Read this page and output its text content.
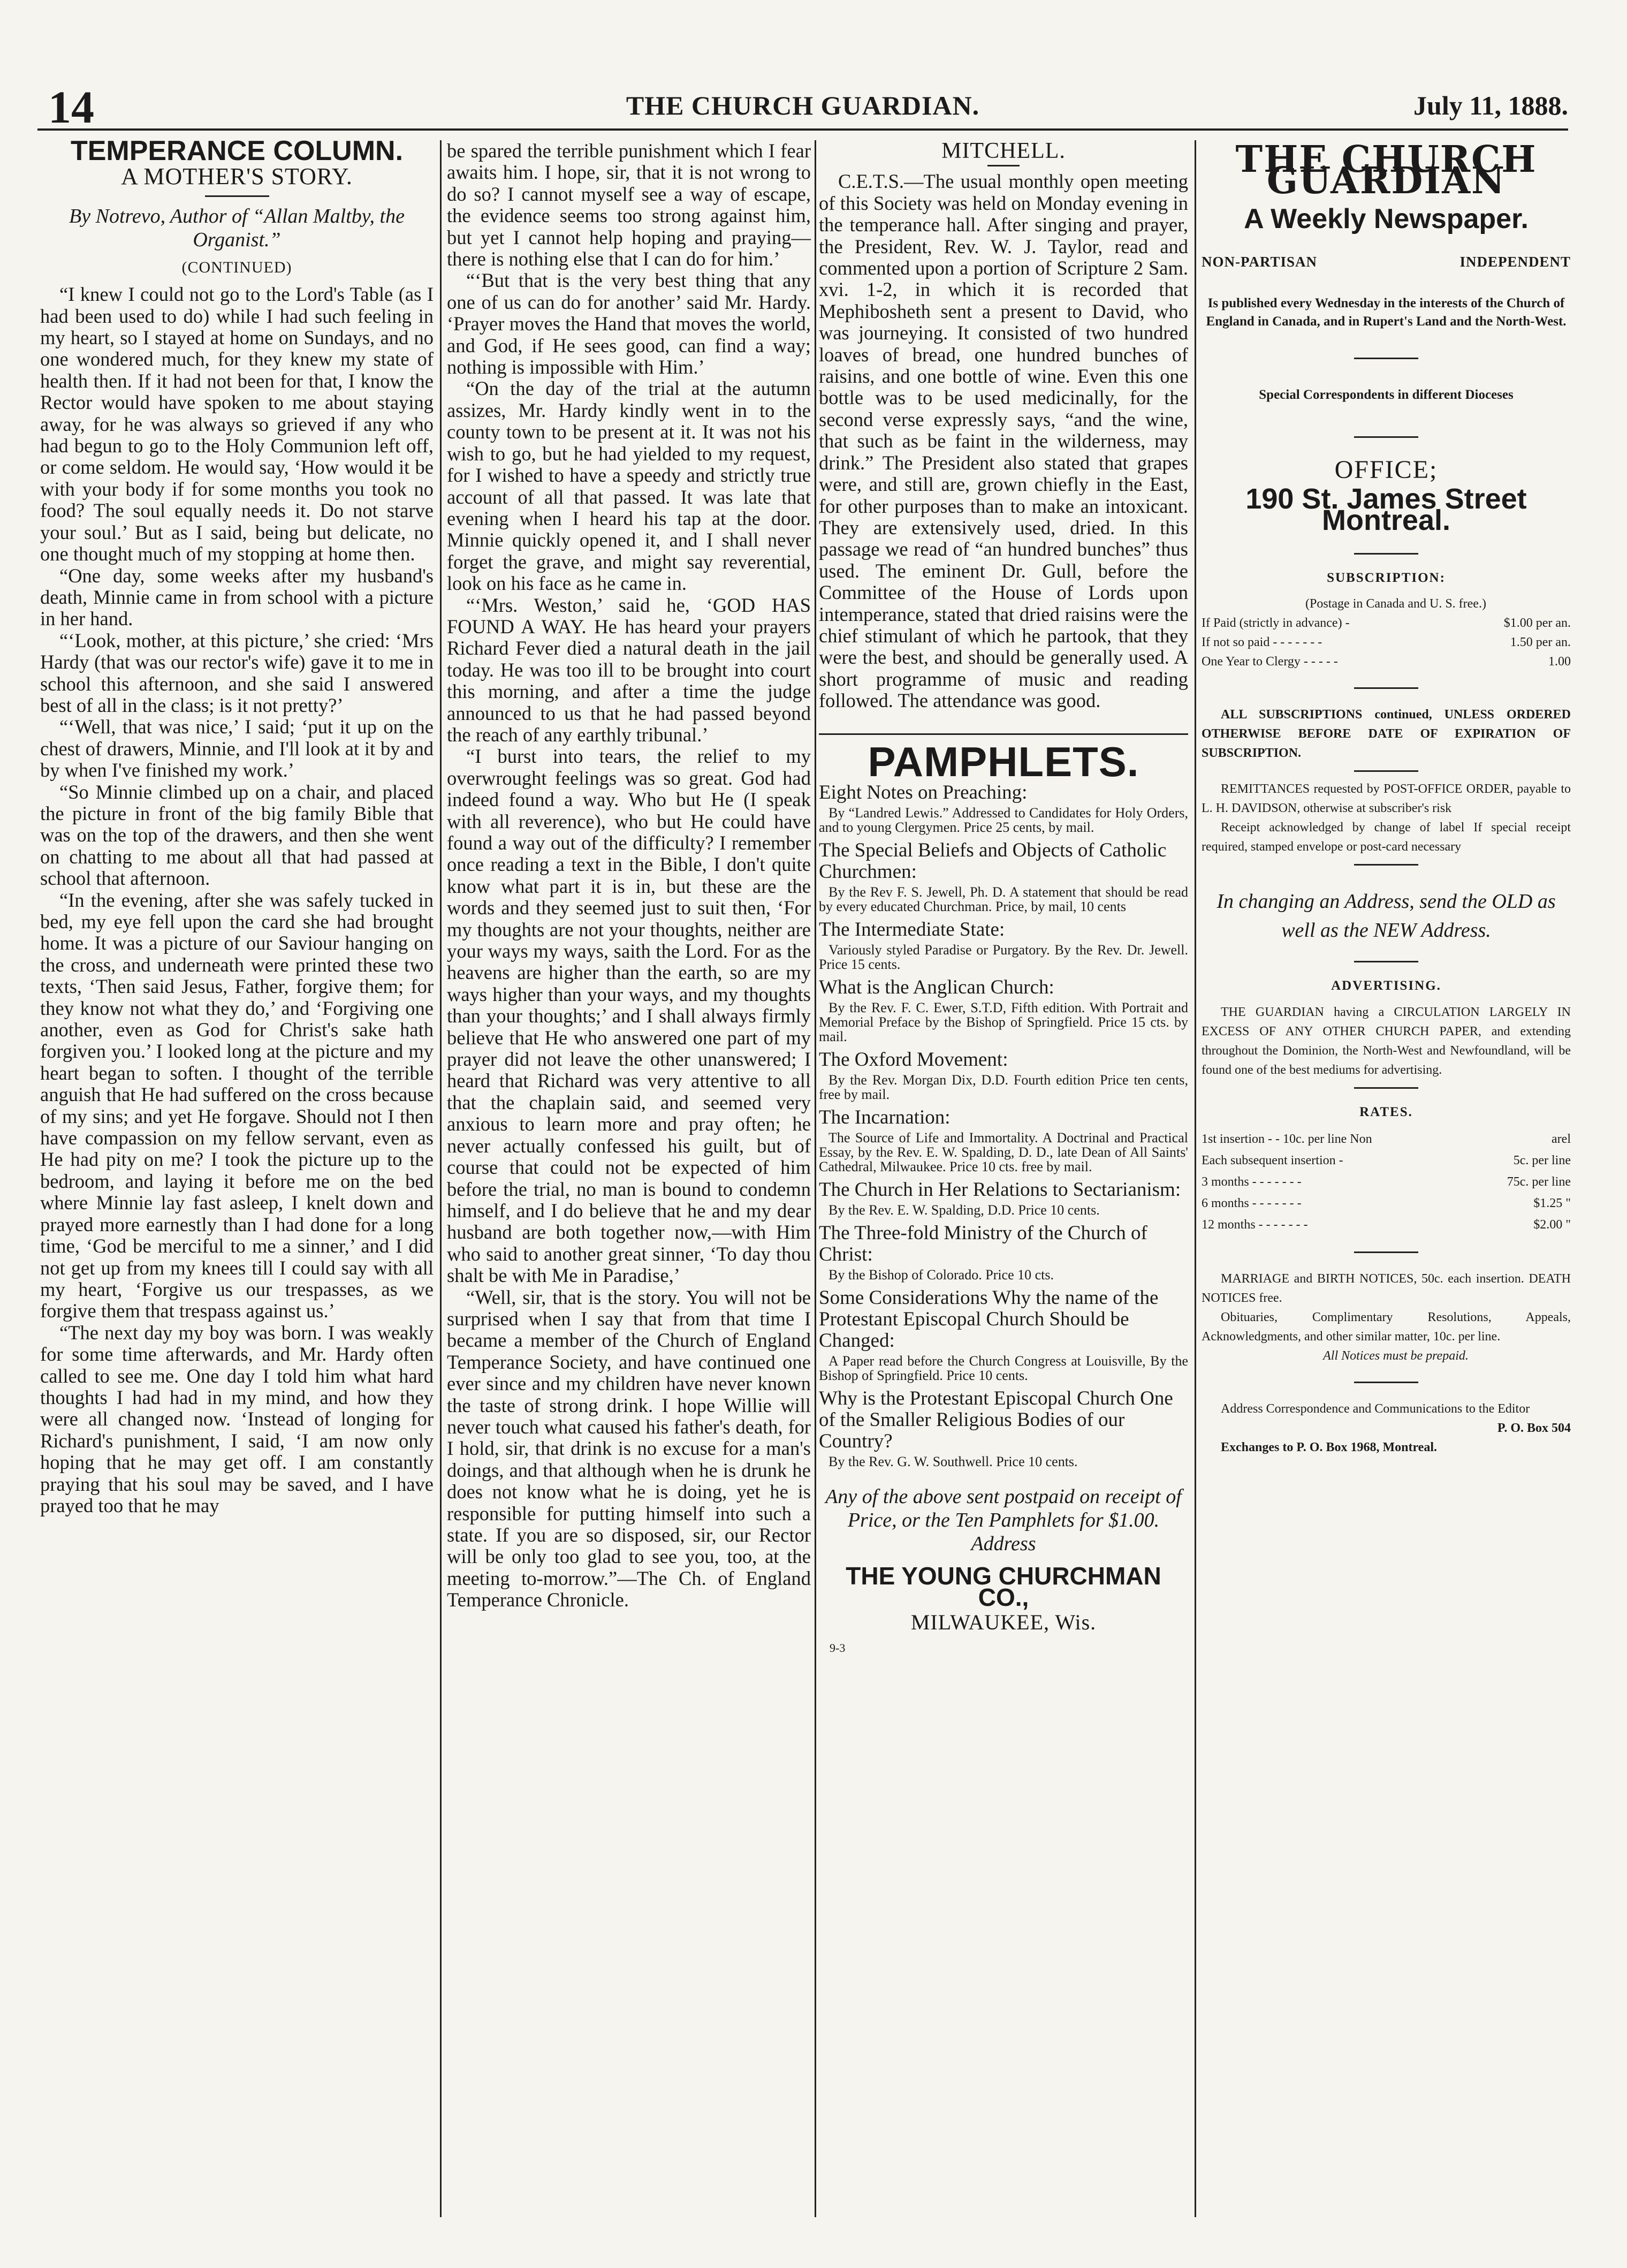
14	THE CHURCH GUARDIAN.	July 11, 1888.
TEMPERANCE COLUMN.
A MOTHER'S STORY.
By Notrevo, Author of “Allan Maltby, the Organist.”
(CONTINUED)

“I knew I could not go to the Lord's Table (as I had been used to do) while I had such feeling in my heart, so I stayed at home on Sundays, and no one wondered much, for they knew my state of health then. If it had not been for that, I know the Rector would have spoken to me about staying away, for he was always so grieved if any who had begun to go to the Holy Communion left off, or come seldom. He would say, ‘How would it be with your body if for some months you took no food? The soul equally needs it. Do not starve your soul.’ But as I said, being but delicate, no one thought much of my stopping at home then.

“One day, some weeks after my husband's death, Minnie came in from school with a picture in her hand.

“‘Look, mother, at this picture,’ she cried: ‘Mrs Hardy (that was our rector's wife) gave it to me in school this afternoon, and she said I answered best of all in the class; is it not pretty?’

“‘Well, that was nice,’ I said; ‘put it up on the chest of drawers, Minnie, and I'll look at it by and by when I've finished my work.’

“So Minnie climbed up on a chair, and placed the picture in front of the big family Bible that was on the top of the drawers, and then she went on chatting to me about all that had passed at school that afternoon.

“In the evening, after she was safely tucked in bed, my eye fell upon the card she had brought home. It was a picture of our Saviour hanging on the cross, and underneath were printed these two texts, ‘Then said Jesus, Father, forgive them; for they know not what they do,’ and ‘Forgiving one another, even as God for Christ's sake hath forgiven you.’ I looked long at the picture and my heart began to soften. I thought of the terrible anguish that He had suffered on the cross because of my sins; and yet He forgave. Should not I then have compassion on my fellow servant, even as He had pity on me? I took the picture up to the bedroom, and laying it before me on the bed where Minnie lay fast asleep, I knelt down and prayed more earnestly than I had done for a long time, ‘God be merciful to me a sinner,’ and I did not get up from my knees till I could say with all my heart, ‘Forgive us our trespasses, as we forgive them that trespass against us.’

“The next day my boy was born. I was weakly for some time afterwards, and Mr. Hardy often called to see me. One day I told him what hard thoughts I had had in my mind, and how they were all changed now. ‘Instead of longing for Richard's punishment, I said, ‘I am now only hoping that he may get off. I am constantly praying that his soul may be saved, and I have prayed too that he may

be spared the terrible punishment which I fear awaits him. I hope, sir, that it is not wrong to do so? I cannot myself see a way of escape, the evidence seems too strong against him, but yet I cannot help hoping and praying—there is nothing else that I can do for him.’

“‘But that is the very best thing that any one of us can do for another’ said Mr. Hardy. ‘Prayer moves the Hand that moves the world, and God, if He sees good, can find a way; nothing is impossible with Him.’

“On the day of the trial at the autumn assizes, Mr. Hardy kindly went in to the county town to be present at it. It was not his wish to go, but he had yielded to my request, for I wished to have a speedy and strictly true account of all that passed. It was late that evening when I heard his tap at the door. Minnie quickly opened it, and I shall never forget the grave, and might say reverential, look on his face as he came in.

“‘Mrs. Weston,’ said he, ‘GOD HAS FOUND A WAY. He has heard your prayers Richard Fever died a natural death in the jail today. He was too ill to be brought into court this morning, and after a time the judge announced to us that he had passed beyond the reach of any earthly tribunal.’

“I burst into tears, the relief to my overwrought feelings was so great. God had indeed found a way. Who but He (I speak with all reverence), who but He could have found a way out of the difficulty? I remember once reading a text in the Bible, I don't quite know what part it is in, but these are the words and they seemed just to suit then, ‘For my thoughts are not your thoughts, neither are your ways my ways, saith the Lord. For as the heavens are higher than the earth, so are my ways higher than your ways, and my thoughts than your thoughts;’ and I shall always firmly believe that He who answered one part of my prayer did not leave the other unanswered; I heard that Richard was very attentive to all that the chaplain said, and seemed very anxious to learn more and pray often; he never actually confessed his guilt, but of course that could not be expected of him before the trial, no man is bound to condemn himself, and I do believe that he and my dear husband are both together now,—with Him who said to another great sinner, ‘To day thou shalt be with Me in Paradise,’

“Well, sir, that is the story. You will not be surprised when I say that from that time I became a member of the Church of England Temperance Society, and have continued one ever since and my children have never known the taste of strong drink. I hope Willie will never touch what caused his father's death, for I hold, sir, that drink is no excuse for a man's doings, and that although when he is drunk he does not know what he is doing, yet he is responsible for putting himself into such a state. If you are so disposed, sir, our Rector will be only too glad to see you, too, at the meeting to-morrow.”—The Ch. of England Temperance Chronicle.

MITCHELL.

C.E.T.S.—The usual monthly open meeting of this Society was held on Monday evening in the temperance hall. After singing and prayer, the President, Rev. W. J. Taylor, read and commented upon a portion of Scripture 2 Sam. xvi. 1-2, in which it is recorded that Mephibosheth sent a present to David, who was journeying. It consisted of two hundred loaves of bread, one hundred bunches of raisins, and one bottle of wine. Even this one bottle was to be used medicinally, for the second verse expressly says, “and the wine, that such as be faint in the wilderness, may drink.” The President also stated that grapes were, and still are, grown chiefly in the East, for other purposes than to make an intoxicant. They are extensively used, dried. In this passage we read of “an hundred bunches” thus used. The eminent Dr. Gull, before the Committee of the House of Lords upon intemperance, stated that dried raisins were the chief stimulant of which he partook, that they were the best, and should be generally used. A short programme of music and reading followed. The attendance was good.

PAMPHLETS.
Eight Notes on Preaching:
By “Landred Lewis.” Addressed to Candidates for Holy Orders, and to young Clergymen. Price 25 cents, by mail.
The Special Beliefs and Objects of Catholic Churchmen:
By the Rev F. S. Jewell, Ph. D. A statement that should be read by every educated Churchman. Price, by mail, 10 cents
The Intermediate State:
Variously styled Paradise or Purgatory. By the Rev. Dr. Jewell. Price 15 cents.
What is the Anglican Church:
By the Rev. F. C. Ewer, S.T.D, Fifth edition. With Portrait and Memorial Preface by the Bishop of Springfield. Price 15 cts. by mail.
The Oxford Movement:
By the Rev. Morgan Dix, D.D. Fourth edition Price ten cents, free by mail.
The Incarnation:
The Source of Life and Immortality. A Doctrinal and Practical Essay, by the Rev. E. W. Spalding, D. D., late Dean of All Saints' Cathedral, Milwaukee. Price 10 cts. free by mail.
The Church in Her Relations to Sectarianism:
By the Rev. E. W. Spalding, D.D. Price 10 cents.
The Three-fold Ministry of the Church of Christ:
By the Bishop of Colorado. Price 10 cts.
Some Considerations Why the name of the Protestant Episcopal Church Should be Changed:
A Paper read before the Church Congress at Louisville, By the Bishop of Springfield. Price 10 cents.
Why is the Protestant Episcopal Church One of the Smaller Religious Bodies of our Country?
By the Rev. G. W. Southwell. Price 10 cents.
Any of the above sent postpaid on receipt of Price, or the Ten Pamphlets for $1.00. Address
THE YOUNG CHURCHMAN CO.,
MILWAUKEE, Wis.
9-3
THE CHURCH GUARDIAN
A Weekly Newspaper.
NON-PARTISAN	INDEPENDENT
Is published every Wednesday in the interests of the Church of England in Canada, and in Rupert's Land and the North-West.
Special Correspondents in different Dioceses
OFFICE;
190 St. James Street Montreal.
SUBSCRIPTION:

(Postage in Canada and U. S. free.)

If Paid (strictly in advance) -	$1.00 per an.
If not so paid - - - - - - -	1.50 per an.
One Year to Clergy - - - - -	1.00

ALL SUBSCRIPTIONS continued, UNLESS ORDERED OTHERWISE BEFORE DATE OF EXPIRATION OF SUBSCRIPTION.

REMITTANCES requested by POST-OFFICE ORDER, payable to L. H. DAVIDSON, otherwise at subscriber's risk

Receipt acknowledged by change of label If special receipt required, stamped envelope or post-card necessary

In changing an Address, send the OLD as well as the NEW Address.
ADVERTISING.

THE GUARDIAN having a CIRCULATION LARGELY IN EXCESS OF ANY OTHER CHURCH PAPER, and extending throughout the Dominion, the North-West and Newfoundland, will be found one of the best mediums for advertising.

RATES.
1st insertion - - 10c. per line Non	arel
Each subsequent insertion -	5c. per line
3 months - - - - - - -	75c. per line
6 months - - - - - - -	$1.25 "
12 months - - - - - - -	$2.00 "

MARRIAGE and BIRTH NOTICES, 50c. each insertion. DEATH NOTICES free.

Obituaries, Complimentary Resolutions, Appeals, Acknowledgments, and other similar matter, 10c. per line.

All Notices must be prepaid.

Address Correspondence and Communications to the Editor

P. O. Box 504

Exchanges to P. O. Box 1968, Montreal.
